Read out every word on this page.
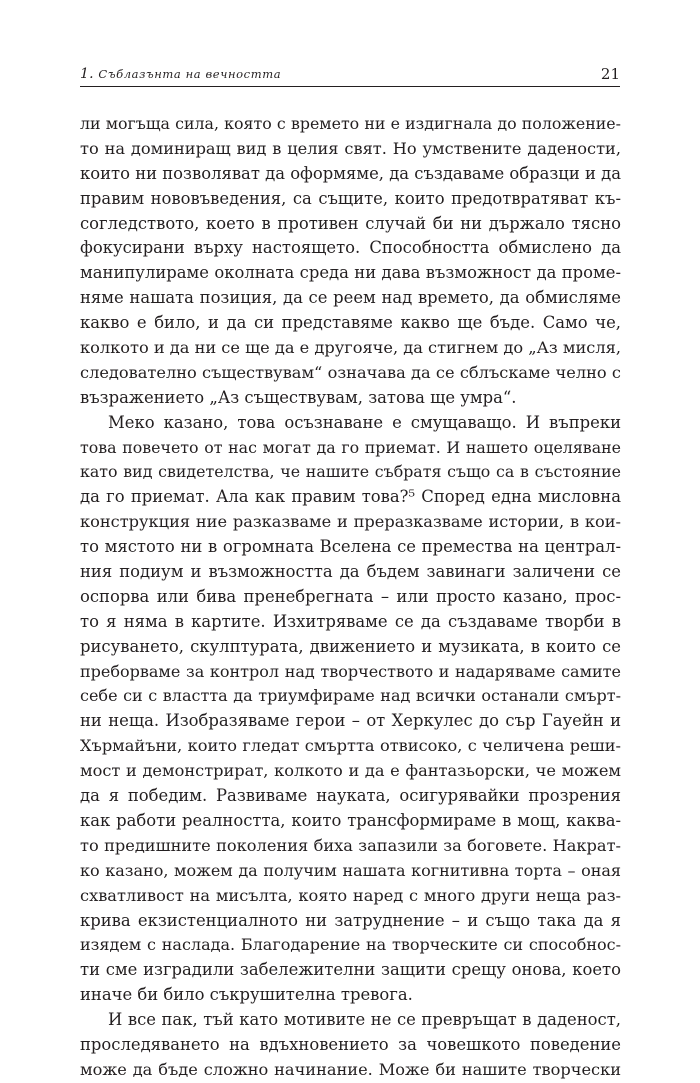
1. Съблазънта на вечността	21
ли могъща сила, която с времето ни е издигнала до положение-
то на доминиращ вид в целия свят. Но умствените дадености,
които ни позволяват да оформяме, да създаваме образци и да
правим нововъведения, са същите, които предотвратяват къ-
согледството, което в противен случай би ни държало тясно
фокусирани върху настоящето. Способността обмислено да
манипулираме околната среда ни дава възможност да проме-
няме нашата позиция, да се реем над времето, да обмисляме
какво е било, и да си представяме какво ще бъде. Само че,
колкото и да ни се ще да е другояче, да стигнем до „Аз мисля,
следователно съществувам“ означава да се сблъскаме челно с
възражението „Аз съществувам, затова ще умра“.
Меко казано, това осъзнаване е смущаващо. И въпреки
това повечето от нас могат да го приемат. И нашето оцеляване
като вид свидетелства, че нашите събратя също са в състояние
да го приемат. Ала как правим това?⁵ Според една мисловна
конструкция ние разказваме и преразказваме истории, в кои-
то мястото ни в огромната Вселена се премества на централ-
ния подиум и възможността да бъдем завинаги заличени се
оспорва или бива пренебрегната – или просто казано, прос-
то я няма в картите. Изхитряваме се да създаваме творби в
рисуването, скулптурата, движението и музиката, в които се
преборваме за контрол над творчеството и надаряваме самите
себе си с властта да триумфираме над всички останали смърт-
ни неща. Изобразяваме герои – от Херкулес до сър Гауейн и
Хърмайъни, които гледат смъртта отвисоко, с челичена реши-
мост и демонстрират, колкото и да е фантазьорски, че можем
да я победим. Развиваме науката, осигурявайки прозрения
как работи реалността, които трансформираме в мощ, каква-
то предишните поколения биха запазили за боговете. Накрат-
ко казано, можем да получим нашата когнитивна торта – оная
схватливост на мисълта, която наред с много други неща раз-
крива екзистенциалното ни затруднение – и също така да я
изядем с наслада. Благодарение на творческите си способнос-
ти сме изградили забележителни защити срещу онова, което
иначе би било съкрушителна тревога.
И все пак, тъй като мотивите не се превръщат в даденост,
проследяването на вдъхновението за човешкото поведение
може да бъде сложно начинание. Може би нашите творчески
